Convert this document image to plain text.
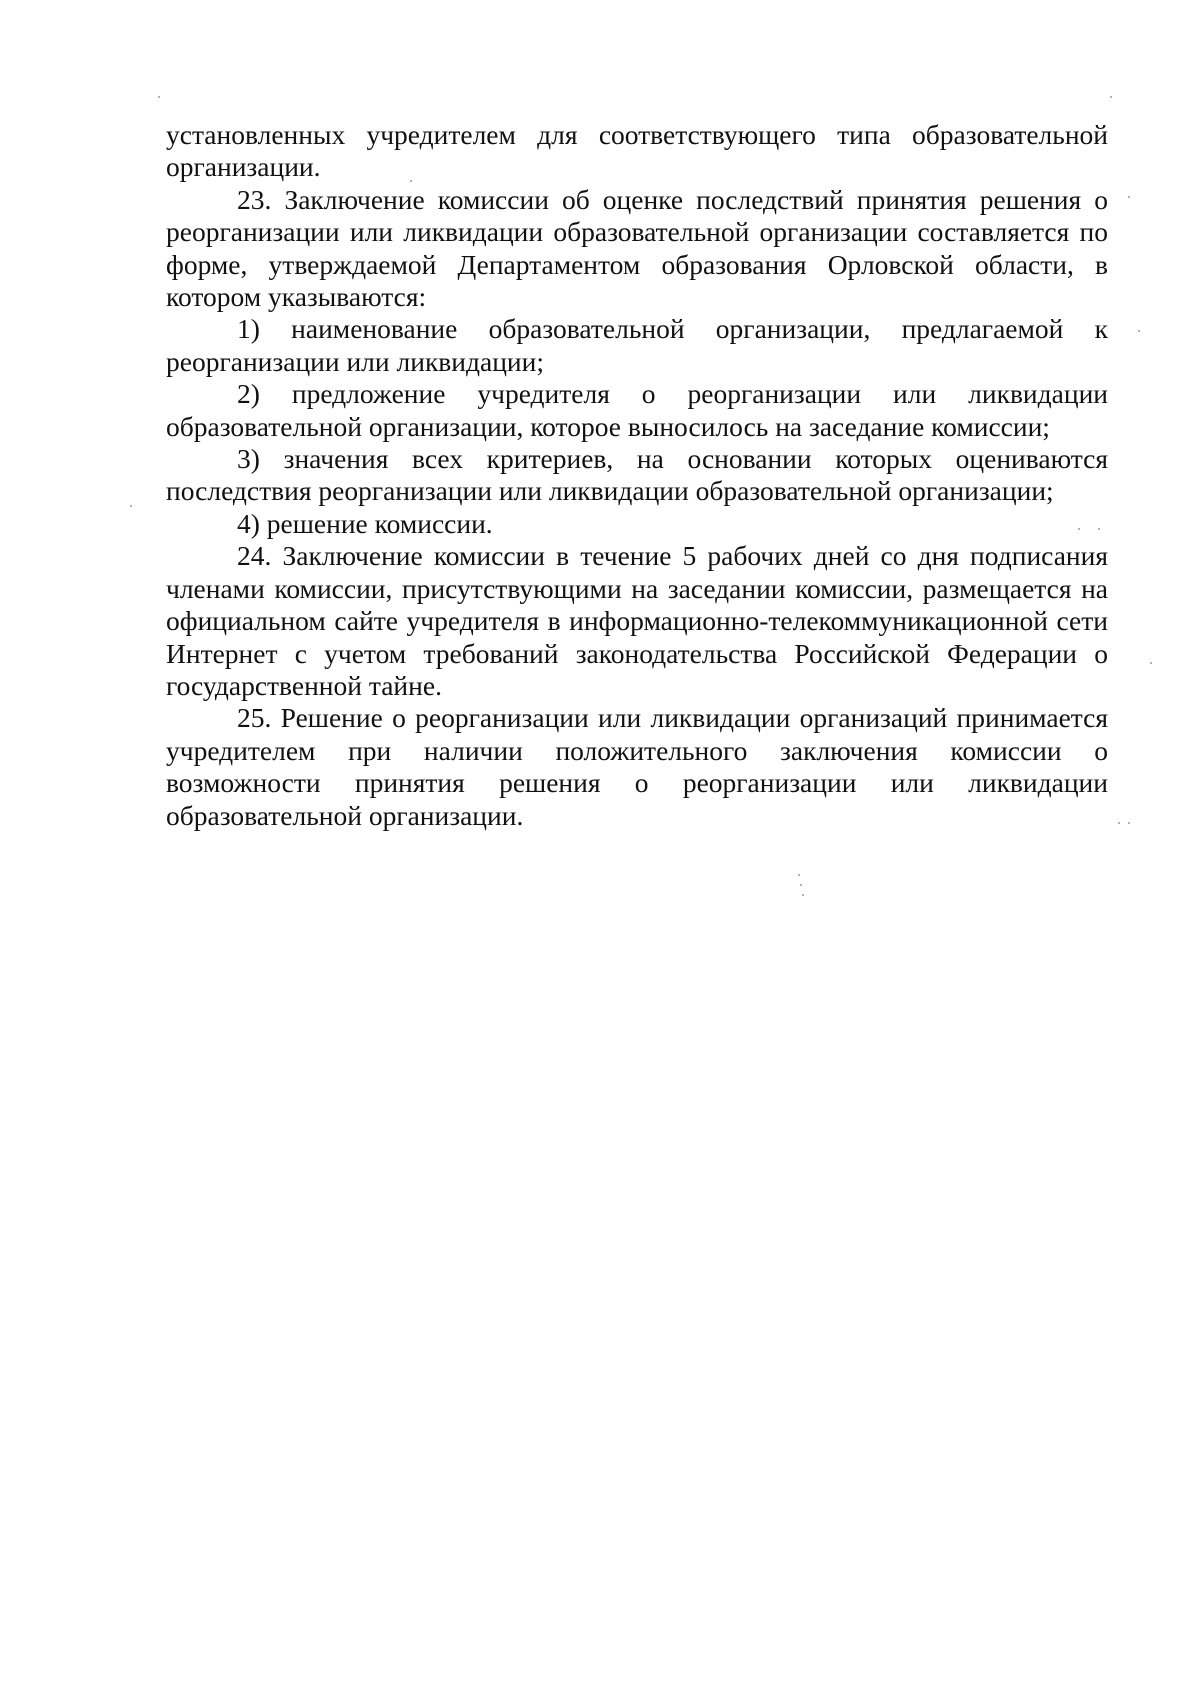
установленных учредителем для соответствующего типа образовательной организации.

23. Заключение комиссии об оценке последствий принятия решения о реорганизации или ликвидации образовательной организации составляется по форме, утверждаемой Департаментом образования Орловской области, в котором указываются:

1) наименование образовательной организации, предлагаемой к реорганизации или ликвидации;

2) предложение учредителя о реорганизации или ликвидации образовательной организации, которое выносилось на заседание комиссии;

3) значения всех критериев, на основании которых оцениваются последствия реорганизации или ликвидации образовательной организации;

4) решение комиссии.

24. Заключение комиссии в течение 5 рабочих дней со дня подписания членами комиссии, присутствующими на заседании комиссии, размещается на официальном сайте учредителя в информационно-телекоммуникационной сети Интернет с учетом требований законодательства Российской Федерации о государственной тайне.

25. Решение о реорганизации или ликвидации организаций принимается учредителем при наличии положительного заключения комиссии о возможности принятия решения о реорганизации или ликвидации образовательной организации.
